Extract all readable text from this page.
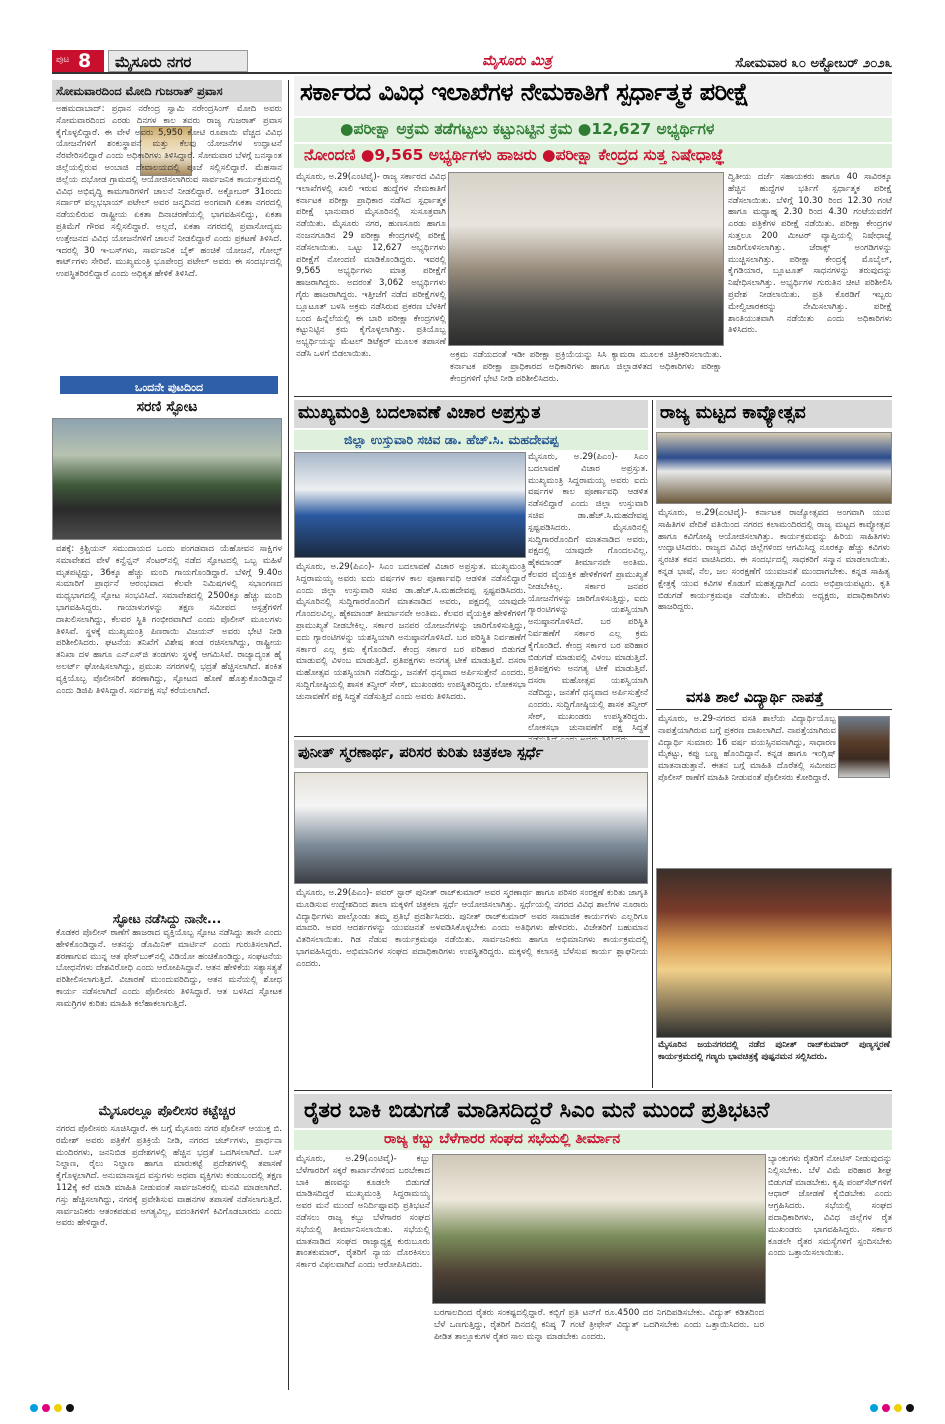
ಪುಟ 8 ಮೈಸೂರು ನಗರ	ಮೈಸೂರು ಮಿತ್ರ	ಸೋಮವಾರ ೩೦ ಅಕ್ಟೋಬರ್ ೨೦೨೩
ಸೋಮವಾರದಿಂದ ಮೋದಿ ಗುಜರಾತ್ ಪ್ರವಾಸ
ಅಹಮದಾಬಾದ್: ಪ್ರಧಾನ ನರೇಂದ್ರ ಸ್ವಾಮಿ ನರೇಂದ್ರಸಿಂಗ್ ಮೋದಿ ಅವರು ಸೋಮವಾರದಿಂದ ಎರಡು ದಿನಗಳ ಕಾಲ ತವರು ರಾಜ್ಯ ಗುಜರಾತ್ ಪ್ರವಾಸ ಕೈಗೊಳ್ಳಲಿದ್ದಾರೆ. ಈ ವೇಳೆ ಅವರು 5,950 ಕೋಟಿ ರೂಪಾಯಿ ವೆಚ್ಚದ ವಿವಿಧ ಯೋಜನೆಗಳಿಗೆ ಶಂಕುಸ್ಥಾಪನೆ ಮತ್ತು ಕೆಲವು ಯೋಜನೆಗಳ ಉದ್ಘಾಟನೆ ನೆರವೇರಿಸಲಿದ್ದಾರೆ ಎಂದು ಅಧಿಕಾರಿಗಳು ತಿಳಿಸಿದ್ದಾರೆ. ಸೋಮವಾರ ಬೆಳಗ್ಗೆ ಬನಸ್ಕಾಂತ ಜಿಲ್ಲೆಯಲ್ಲಿರುವ ಅಂಬಾಜಿ ದೇವಾಲಯದಲ್ಲಿ ಪೂಜೆ ಸಲ್ಲಿಸಲಿದ್ದಾರೆ. ಮೆಹಸಾನ ಜಿಲ್ಲೆಯ ದಭೋಡ ಗ್ರಾಮದಲ್ಲಿ ಆಯೋಜಿಸಲಾಗಿರುವ ಸಾರ್ವಜನಿಕ ಕಾರ್ಯಕ್ರಮದಲ್ಲಿ ವಿವಿಧ ಅಭಿವೃದ್ಧಿ ಕಾಮಗಾರಿಗಳಿಗೆ ಚಾಲನೆ ನೀಡಲಿದ್ದಾರೆ. ಅಕ್ಟೋಬರ್ 31ರಂದು ಸರ್ದಾರ್ ವಲ್ಲಭಭಾಯ್ ಪಟೇಲ್ ಅವರ ಜನ್ಮದಿನದ ಅಂಗವಾಗಿ ಏಕತಾ ನಗರದಲ್ಲಿ ನಡೆಯಲಿರುವ ರಾಷ್ಟ್ರೀಯ ಏಕತಾ ದಿನಾಚರಣೆಯಲ್ಲಿ ಭಾಗವಹಿಸಲಿದ್ದು, ಏಕತಾ ಪ್ರತಿಮೆಗೆ ಗೌರವ ಸಲ್ಲಿಸಲಿದ್ದಾರೆ. ಅಲ್ಲದೆ, ಏಕತಾ ನಗರದಲ್ಲಿ ಪ್ರವಾಸೋದ್ಯಮ ಉತ್ತೇಜನದ ವಿವಿಧ ಯೋಜನೆಗಳಿಗೆ ಚಾಲನೆ ನೀಡಲಿದ್ದಾರೆ ಎಂದು ಪ್ರಕಟಣೆ ತಿಳಿಸಿದೆ. ಇದರಲ್ಲಿ 30 ಇ-ಬಸ್‌ಗಳು, ಸಾರ್ವಜನಿಕ ಬೈಕ್ ಹಂಚಿಕೆ ಯೋಜನೆ, ಗೋಲ್ಫ್ ಕಾರ್ಟ್‌ಗಳು ಸೇರಿವೆ. ಮುಖ್ಯಮಂತ್ರಿ ಭೂಪೇಂದ್ರ ಪಟೇಲ್ ಅವರು ಈ ಸಂದರ್ಭದಲ್ಲಿ ಉಪಸ್ಥಿತರಿರಲಿದ್ದಾರೆ ಎಂದು ಅಧಿಕೃತ ಹೇಳಿಕೆ ತಿಳಿಸಿದೆ.
ಒಂದನೇ ಪುಟದಿಂದ
ಸರಣಿ ಸ್ಫೋಟ
ವಶಕ್ಕೆ: ಕ್ರಿಶ್ಚಿಯನ್ ಸಮುದಾಯದ ಒಂದು ಪಂಗಡವಾದ ಯೆಹೋವನ ಸಾಕ್ಷಿಗಳ ಸಮಾವೇಶದ ವೇಳೆ ಕನ್ವೆನ್ಷನ್ ಸೆಂಟರ್‌ನಲ್ಲಿ ನಡೆದ ಸ್ಫೋಟದಲ್ಲಿ ಒಬ್ಬ ಮಹಿಳೆ ಮೃತಪಟ್ಟಿದ್ದು, 36ಕ್ಕೂ ಹೆಚ್ಚು ಮಂದಿ ಗಾಯಗೊಂಡಿದ್ದಾರೆ. ಬೆಳಿಗ್ಗೆ 9.40ರ ಸುಮಾರಿಗೆ ಪ್ರಾರ್ಥನೆ ಆರಂಭವಾದ ಕೆಲವೇ ನಿಮಿಷಗಳಲ್ಲಿ ಸಭಾಂಗಣದ ಮಧ್ಯಭಾಗದಲ್ಲಿ ಸ್ಫೋಟ ಸಂಭವಿಸಿದೆ. ಸಮಾವೇಶದಲ್ಲಿ 2500ಕ್ಕೂ ಹೆಚ್ಚು ಮಂದಿ ಭಾಗವಹಿಸಿದ್ದರು. ಗಾಯಾಳುಗಳನ್ನು ತಕ್ಷಣ ಸಮೀಪದ ಆಸ್ಪತ್ರೆಗಳಿಗೆ ದಾಖಲಿಸಲಾಗಿದ್ದು, ಕೆಲವರ ಸ್ಥಿತಿ ಗಂಭೀರವಾಗಿದೆ ಎಂದು ಪೊಲೀಸ್ ಮೂಲಗಳು ತಿಳಿಸಿವೆ. ಸ್ಥಳಕ್ಕೆ ಮುಖ್ಯಮಂತ್ರಿ ಪಿಣರಾಯಿ ವಿಜಯನ್ ಅವರು ಭೇಟಿ ನೀಡಿ ಪರಿಶೀಲಿಸಿದರು. ಘಟನೆಯ ತನಿಖೆಗೆ ವಿಶೇಷ ತಂಡ ರಚಿಸಲಾಗಿದ್ದು, ರಾಷ್ಟ್ರೀಯ ತನಿಖಾ ದಳ ಹಾಗೂ ಎನ್‌ಎಸ್‌ಜಿ ತಂಡಗಳು ಸ್ಥಳಕ್ಕೆ ಆಗಮಿಸಿವೆ. ರಾಜ್ಯಾದ್ಯಂತ ಹೈ ಅಲರ್ಟ್ ಘೋಷಿಸಲಾಗಿದ್ದು, ಪ್ರಮುಖ ನಗರಗಳಲ್ಲಿ ಭದ್ರತೆ ಹೆಚ್ಚಿಸಲಾಗಿದೆ. ಶಂಕಿತ ವ್ಯಕ್ತಿಯೊಬ್ಬ ಪೊಲೀಸರಿಗೆ ಶರಣಾಗಿದ್ದು, ಸ್ಫೋಟದ ಹೊಣೆ ಹೊತ್ತುಕೊಂಡಿದ್ದಾನೆ ಎಂದು ಡಿಜಿಪಿ ತಿಳಿಸಿದ್ದಾರೆ. ಸರ್ವಪಕ್ಷ ಸಭೆ ಕರೆಯಲಾಗಿದೆ.
ಸ್ಫೋಟ ನಡೆಸಿದ್ದು ನಾನೇ...
ಕೊಡಕರ ಪೊಲೀಸ್ ಠಾಣೆಗೆ ಹಾಜರಾದ ವ್ಯಕ್ತಿಯೊಬ್ಬ ಸ್ಫೋಟ ನಡೆಸಿದ್ದು ತಾನೇ ಎಂದು ಹೇಳಿಕೊಂಡಿದ್ದಾನೆ. ಆತನನ್ನು ಡೊಮಿನಿಕ್ ಮಾರ್ಟಿನ್ ಎಂದು ಗುರುತಿಸಲಾಗಿದೆ. ಶರಣಾಗುವ ಮುನ್ನ ಆತ ಫೇಸ್‌ಬುಕ್‌ನಲ್ಲಿ ವಿಡಿಯೋ ಹಂಚಿಕೊಂಡಿದ್ದು, ಸಂಘಟನೆಯ ಬೋಧನೆಗಳು ದೇಶವಿರೋಧಿ ಎಂದು ಆರೋಪಿಸಿದ್ದಾನೆ. ಆತನ ಹೇಳಿಕೆಯ ಸತ್ಯಾಸತ್ಯತೆ ಪರಿಶೀಲಿಸಲಾಗುತ್ತಿದೆ. ವಿಚಾರಣೆ ಮುಂದುವರಿದಿದ್ದು, ಆತನ ಮನೆಯಲ್ಲಿ ಶೋಧ ಕಾರ್ಯ ನಡೆಸಲಾಗಿದೆ ಎಂದು ಪೊಲೀಸರು ತಿಳಿಸಿದ್ದಾರೆ. ಆತ ಬಳಸಿದ ಸ್ಫೋಟಕ ಸಾಮಗ್ರಿಗಳ ಕುರಿತು ಮಾಹಿತಿ ಕಲೆಹಾಕಲಾಗುತ್ತಿದೆ.
ಮೈಸೂರಲ್ಲೂ ಪೊಲೀಸರ ಕಟ್ಟೆಚ್ಚರ
ನಗರದ ಪೊಲೀಸರು ಸೂಚಿಸಿದ್ದಾರೆ. ಈ ಬಗ್ಗೆ ಮೈಸೂರು ನಗರ ಪೊಲೀಸ್ ಆಯುಕ್ತ ಬಿ. ರಮೇಶ್ ಅವರು ಪತ್ರಿಕೆಗೆ ಪ್ರತಿಕ್ರಿಯೆ ನೀಡಿ, ನಗರದ ಚರ್ಚ್‌ಗಳು, ಪ್ರಾರ್ಥನಾ ಮಂದಿರಗಳು, ಜನನಿಬಿಡ ಪ್ರದೇಶಗಳಲ್ಲಿ ಹೆಚ್ಚಿನ ಭದ್ರತೆ ಒದಗಿಸಲಾಗಿದೆ. ಬಸ್ ನಿಲ್ದಾಣ, ರೈಲು ನಿಲ್ದಾಣ ಹಾಗೂ ಮಾರುಕಟ್ಟೆ ಪ್ರದೇಶಗಳಲ್ಲಿ ತಪಾಸಣೆ ಕೈಗೊಳ್ಳಲಾಗಿದೆ. ಅನುಮಾನಾಸ್ಪದ ವಸ್ತುಗಳು ಅಥವಾ ವ್ಯಕ್ತಿಗಳು ಕಂಡುಬಂದಲ್ಲಿ ತಕ್ಷಣ 112ಕ್ಕೆ ಕರೆ ಮಾಡಿ ಮಾಹಿತಿ ನೀಡುವಂತೆ ಸಾರ್ವಜನಿಕರಲ್ಲಿ ಮನವಿ ಮಾಡಲಾಗಿದೆ. ಗಸ್ತು ಹೆಚ್ಚಿಸಲಾಗಿದ್ದು, ನಗರಕ್ಕೆ ಪ್ರವೇಶಿಸುವ ವಾಹನಗಳ ತಪಾಸಣೆ ನಡೆಸಲಾಗುತ್ತಿದೆ. ಸಾರ್ವಜನಿಕರು ಆತಂಕಪಡುವ ಅಗತ್ಯವಿಲ್ಲ, ವದಂತಿಗಳಿಗೆ ಕಿವಿಗೊಡಬಾರದು ಎಂದು ಅವರು ಹೇಳಿದ್ದಾರೆ.
ಸರ್ಕಾರದ ವಿವಿಧ ಇಲಾಖೆಗಳ ನೇಮಕಾತಿಗೆ ಸ್ಪರ್ಧಾತ್ಮಕ ಪರೀಕ್ಷೆ
●ಪರೀಕ್ಷಾ ಅಕ್ರಮ ತಡೆಗಟ್ಟಲು ಕಟ್ಟುನಿಟ್ಟಿನ ಕ್ರಮ ●12,627 ಅಭ್ಯರ್ಥಿಗಳ
ನೋಂದಣಿ ●9,565 ಅಭ್ಯರ್ಥಿಗಳು ಹಾಜರು ●ಪರೀಕ್ಷಾ ಕೇಂದ್ರದ ಸುತ್ತ ನಿಷೇಧಾಜ್ಞೆ
ಮೈಸೂರು, ಅ.29(ಎಂಟಿವೈ)- ರಾಜ್ಯ ಸರ್ಕಾರದ ವಿವಿಧ ಇಲಾಖೆಗಳಲ್ಲಿ ಖಾಲಿ ಇರುವ ಹುದ್ದೆಗಳ ನೇಮಕಾತಿಗೆ ಕರ್ನಾಟಕ ಪರೀಕ್ಷಾ ಪ್ರಾಧಿಕಾರ ನಡೆಸಿದ ಸ್ಪರ್ಧಾತ್ಮಕ ಪರೀಕ್ಷೆ ಭಾನುವಾರ ಮೈಸೂರಿನಲ್ಲಿ ಸುಸೂತ್ರವಾಗಿ ನಡೆಯಿತು. ಮೈಸೂರು ನಗರ, ಹುಣಸೂರು ಹಾಗೂ ನಂಜನಗೂಡಿನ 29 ಪರೀಕ್ಷಾ ಕೇಂದ್ರಗಳಲ್ಲಿ ಪರೀಕ್ಷೆ ನಡೆಸಲಾಯಿತು. ಒಟ್ಟು 12,627 ಅಭ್ಯರ್ಥಿಗಳು ಪರೀಕ್ಷೆಗೆ ನೋಂದಣಿ ಮಾಡಿಕೊಂಡಿದ್ದರು. ಇವರಲ್ಲಿ 9,565 ಅಭ್ಯರ್ಥಿಗಳು ಮಾತ್ರ ಪರೀಕ್ಷೆಗೆ ಹಾಜರಾಗಿದ್ದರು. ಅದರಂತೆ 3,062 ಅಭ್ಯರ್ಥಿಗಳು ಗೈರು ಹಾಜರಾಗಿದ್ದರು. ಇತ್ತೀಚೆಗೆ ನಡೆದ ಪರೀಕ್ಷೆಗಳಲ್ಲಿ ಬ್ಲೂಟೂತ್ ಬಳಸಿ ಅಕ್ರಮ ನಡೆಸಿರುವ ಪ್ರಕರಣ ಬೆಳಕಿಗೆ ಬಂದ ಹಿನ್ನೆಲೆಯಲ್ಲಿ ಈ ಬಾರಿ ಪರೀಕ್ಷಾ ಕೇಂದ್ರಗಳಲ್ಲಿ ಕಟ್ಟುನಿಟ್ಟಿನ ಕ್ರಮ ಕೈಗೊಳ್ಳಲಾಗಿತ್ತು. ಪ್ರತಿಯೊಬ್ಬ ಅಭ್ಯರ್ಥಿಯನ್ನು ಮೆಟಲ್ ಡಿಟೆಕ್ಟರ್ ಮೂಲಕ ತಪಾಸಣೆ ನಡೆಸಿ ಒಳಗೆ ಬಿಡಲಾಯಿತು.	ಅಕ್ರಮ ನಡೆಯದಂತೆ ಇಡೀ ಪರೀಕ್ಷಾ ಪ್ರಕ್ರಿಯೆಯನ್ನು ಸಿಸಿ ಕ್ಯಾಮರಾ ಮೂಲಕ ಚಿತ್ರೀಕರಿಸಲಾಯಿತು. ಕರ್ನಾಟಕ ಪರೀಕ್ಷಾ ಪ್ರಾಧಿಕಾರದ ಅಧಿಕಾರಿಗಳು ಹಾಗೂ ಜಿಲ್ಲಾಡಳಿತದ ಅಧಿಕಾರಿಗಳು ಪರೀಕ್ಷಾ ಕೇಂದ್ರಗಳಿಗೆ ಭೇಟಿ ನೀಡಿ ಪರಿಶೀಲಿಸಿದರು.
ದ್ವಿತೀಯ ದರ್ಜೆ ಸಹಾಯಕರು ಹಾಗೂ 40 ಸಾವಿರಕ್ಕೂ ಹೆಚ್ಚಿನ ಹುದ್ದೆಗಳ ಭರ್ತಿಗೆ ಸ್ಪರ್ಧಾತ್ಮಕ ಪರೀಕ್ಷೆ ನಡೆಸಲಾಯಿತು. ಬೆಳಿಗ್ಗೆ 10.30 ರಿಂದ 12.30 ಗಂಟೆ ಹಾಗೂ ಮಧ್ಯಾಹ್ನ 2.30 ರಿಂದ 4.30 ಗಂಟೆಯವರೆಗೆ ಎರಡು ಪತ್ರಿಕೆಗಳ ಪರೀಕ್ಷೆ ನಡೆಯಿತು. ಪರೀಕ್ಷಾ ಕೇಂದ್ರಗಳ ಸುತ್ತಲೂ 200 ಮೀಟರ್ ವ್ಯಾಪ್ತಿಯಲ್ಲಿ ನಿಷೇಧಾಜ್ಞೆ ಜಾರಿಗೊಳಿಸಲಾಗಿತ್ತು. ಜೆರಾಕ್ಸ್ ಅಂಗಡಿಗಳನ್ನು ಮುಚ್ಚಿಸಲಾಗಿತ್ತು. ಪರೀಕ್ಷಾ ಕೇಂದ್ರಕ್ಕೆ ಮೊಬೈಲ್, ಕೈಗಡಿಯಾರ, ಬ್ಲೂಟೂತ್ ಸಾಧನಗಳನ್ನು ತರುವುದನ್ನು ನಿಷೇಧಿಸಲಾಗಿತ್ತು. ಅಭ್ಯರ್ಥಿಗಳ ಗುರುತಿನ ಚೀಟಿ ಪರಿಶೀಲಿಸಿ ಪ್ರವೇಶ ನೀಡಲಾಯಿತು. ಪ್ರತಿ ಕೊಠಡಿಗೆ ಇಬ್ಬರು ಮೇಲ್ವಿಚಾರಕರನ್ನು ನೇಮಿಸಲಾಗಿತ್ತು. ಪರೀಕ್ಷೆ ಶಾಂತಿಯುತವಾಗಿ ನಡೆಯಿತು ಎಂದು ಅಧಿಕಾರಿಗಳು ತಿಳಿಸಿದರು.
ಮುಖ್ಯಮಂತ್ರಿ ಬದಲಾವಣೆ ವಿಚಾರ ಅಪ್ರಸ್ತುತ
ಜಿಲ್ಲಾ ಉಸ್ತುವಾರಿ ಸಚಿವ ಡಾ. ಹೆಚ್.ಸಿ. ಮಹದೇವಪ್ಪ
ಮೈಸೂರು, ಅ.29(ಪಿಎಂ)- ಸಿಎಂ ಬದಲಾವಣೆ ವಿಚಾರ ಅಪ್ರಸ್ತುತ. ಮುಖ್ಯಮಂತ್ರಿ ಸಿದ್ದರಾಮಯ್ಯ ಅವರು ಐದು ವರ್ಷಗಳ ಕಾಲ ಪೂರ್ಣಾವಧಿ ಆಡಳಿತ ನಡೆಸಲಿದ್ದಾರೆ ಎಂದು ಜಿಲ್ಲಾ ಉಸ್ತುವಾರಿ ಸಚಿವ ಡಾ.ಹೆಚ್.ಸಿ.ಮಹದೇವಪ್ಪ ಸ್ಪಷ್ಟಪಡಿಸಿದರು. ಮೈಸೂರಿನಲ್ಲಿ ಸುದ್ದಿಗಾರರೊಂದಿಗೆ ಮಾತನಾಡಿದ ಅವರು, ಪಕ್ಷದಲ್ಲಿ ಯಾವುದೇ ಗೊಂದಲವಿಲ್ಲ. ಹೈಕಮಾಂಡ್ ತೀರ್ಮಾನವೇ ಅಂತಿಮ. ಕೆಲವರ ವೈಯಕ್ತಿಕ ಹೇಳಿಕೆಗಳಿಗೆ ಪ್ರಾಮುಖ್ಯತೆ ನೀಡಬೇಕಿಲ್ಲ. ಸರ್ಕಾರ ಜನಪರ ಯೋಜನೆಗಳನ್ನು ಜಾರಿಗೊಳಿಸುತ್ತಿದ್ದು, ಐದು ಗ್ಯಾರಂಟಿಗಳನ್ನು ಯಶಸ್ವಿಯಾಗಿ ಅನುಷ್ಠಾನಗೊಳಿಸಿದೆ. ಬರ ಪರಿಸ್ಥಿತಿ ನಿರ್ವಹಣೆಗೆ ಸರ್ಕಾರ ಎಲ್ಲ ಕ್ರಮ ಕೈಗೊಂಡಿದೆ. ಕೇಂದ್ರ ಸರ್ಕಾರ ಬರ ಪರಿಹಾರ ಬಿಡುಗಡೆ ಮಾಡುವಲ್ಲಿ ವಿಳಂಬ ಮಾಡುತ್ತಿದೆ. ಪ್ರತಿಪಕ್ಷಗಳು ಅನಗತ್ಯ ಟೀಕೆ ಮಾಡುತ್ತಿವೆ. ದಸರಾ ಮಹೋತ್ಸವ ಯಶಸ್ವಿಯಾಗಿ ನಡೆದಿದ್ದು, ಜನತೆಗೆ ಧನ್ಯವಾದ ಅರ್ಪಿಸುತ್ತೇನೆ ಎಂದರು. ಸುದ್ದಿಗೋಷ್ಠಿಯಲ್ಲಿ ಶಾಸಕ ತನ್ವೀರ್ ಸೇಠ್, ಮುಖಂಡರು ಉಪಸ್ಥಿತರಿದ್ದರು. ಲೋಕಸಭಾ ಚುನಾವಣೆಗೆ ಪಕ್ಷ ಸಿದ್ಧತೆ
ಮೈಸೂರು, ಅ.29(ಪಿಎಂ)- ಸಿಎಂ ಬದಲಾವಣೆ ವಿಚಾರ ಅಪ್ರಸ್ತುತ. ಮುಖ್ಯಮಂತ್ರಿ ಸಿದ್ದರಾಮಯ್ಯ ಅವರು ಐದು ವರ್ಷಗಳ ಕಾಲ ಪೂರ್ಣಾವಧಿ ಆಡಳಿತ ನಡೆಸಲಿದ್ದಾರೆ ಎಂದು ಜಿಲ್ಲಾ ಉಸ್ತುವಾರಿ ಸಚಿವ ಡಾ.ಹೆಚ್.ಸಿ.ಮಹದೇವಪ್ಪ ಸ್ಪಷ್ಟಪಡಿಸಿದರು. ಮೈಸೂರಿನಲ್ಲಿ ಸುದ್ದಿಗಾರರೊಂದಿಗೆ ಮಾತನಾಡಿದ ಅವರು, ಪಕ್ಷದಲ್ಲಿ ಯಾವುದೇ ಗೊಂದಲವಿಲ್ಲ. ಹೈಕಮಾಂಡ್ ತೀರ್ಮಾನವೇ ಅಂತಿಮ. ಕೆಲವರ ವೈಯಕ್ತಿಕ ಹೇಳಿಕೆಗಳಿಗೆ ಪ್ರಾಮುಖ್ಯತೆ ನೀಡಬೇಕಿಲ್ಲ. ಸರ್ಕಾರ ಜನಪರ ಯೋಜನೆಗಳನ್ನು ಜಾರಿಗೊಳಿಸುತ್ತಿದ್ದು, ಐದು ಗ್ಯಾರಂಟಿಗಳನ್ನು ಯಶಸ್ವಿಯಾಗಿ ಅನುಷ್ಠಾನಗೊಳಿಸಿದೆ. ಬರ ಪರಿಸ್ಥಿತಿ ನಿರ್ವಹಣೆಗೆ ಸರ್ಕಾರ ಎಲ್ಲ ಕ್ರಮ ಕೈಗೊಂಡಿದೆ. ಕೇಂದ್ರ ಸರ್ಕಾರ ಬರ ಪರಿಹಾರ ಬಿಡುಗಡೆ ಮಾಡುವಲ್ಲಿ ವಿಳಂಬ ಮಾಡುತ್ತಿದೆ. ಪ್ರತಿಪಕ್ಷಗಳು ಅನಗತ್ಯ ಟೀಕೆ ಮಾಡುತ್ತಿವೆ. ದಸರಾ ಮಹೋತ್ಸವ ಯಶಸ್ವಿಯಾಗಿ ನಡೆದಿದ್ದು, ಜನತೆಗೆ ಧನ್ಯವಾದ ಅರ್ಪಿಸುತ್ತೇನೆ ಎಂದರು. ಸುದ್ದಿಗೋಷ್ಠಿಯಲ್ಲಿ ಶಾಸಕ ತನ್ವೀರ್ ಸೇಠ್, ಮುಖಂಡರು ಉಪಸ್ಥಿತರಿದ್ದರು. ಲೋಕಸಭಾ ಚುನಾವಣೆಗೆ ಪಕ್ಷ ಸಿದ್ಧತೆ ನಡೆಸುತ್ತಿದೆ ಎಂದು ಅವರು ತಿಳಿಸಿದರು.
ರಾಜ್ಯ ಮಟ್ಟದ ಕಾವ್ಯೋತ್ಸವ
ಮೈಸೂರು, ಅ.29(ಎಂಟಿವೈ)- ಕರ್ನಾಟಕ ರಾಜ್ಯೋತ್ಸವದ ಅಂಗವಾಗಿ ಯುವ ಸಾಹಿತಿಗಳ ವೇದಿಕೆ ವತಿಯಿಂದ ನಗರದ ಕಲಾಮಂದಿರದಲ್ಲಿ ರಾಜ್ಯ ಮಟ್ಟದ ಕಾವ್ಯೋತ್ಸವ ಹಾಗೂ ಕವಿಗೋಷ್ಠಿ ಆಯೋಜಿಸಲಾಗಿತ್ತು. ಕಾರ್ಯಕ್ರಮವನ್ನು ಹಿರಿಯ ಸಾಹಿತಿಗಳು ಉದ್ಘಾಟಿಸಿದರು. ರಾಜ್ಯದ ವಿವಿಧ ಜಿಲ್ಲೆಗಳಿಂದ ಆಗಮಿಸಿದ್ದ ನೂರಕ್ಕೂ ಹೆಚ್ಚು ಕವಿಗಳು ಸ್ವರಚಿತ ಕವನ ವಾಚಿಸಿದರು. ಈ ಸಂದರ್ಭದಲ್ಲಿ ಸಾಧಕರಿಗೆ ಸನ್ಮಾನ ಮಾಡಲಾಯಿತು. ಕನ್ನಡ ಭಾಷೆ, ನೆಲ, ಜಲ ಸಂರಕ್ಷಣೆಗೆ ಯುವಜನತೆ ಮುಂದಾಗಬೇಕು. ಕನ್ನಡ ಸಾಹಿತ್ಯ ಕ್ಷೇತ್ರಕ್ಕೆ ಯುವ ಕವಿಗಳ ಕೊಡುಗೆ ಮಹತ್ವದ್ದಾಗಿದೆ ಎಂದು ಅಭಿಪ್ರಾಯಪಟ್ಟರು. ಕೃತಿ ಬಿಡುಗಡೆ ಕಾರ್ಯಕ್ರಮವೂ ನಡೆಯಿತು. ವೇದಿಕೆಯ ಅಧ್ಯಕ್ಷರು, ಪದಾಧಿಕಾರಿಗಳು ಹಾಜರಿದ್ದರು.
ವಸತಿ ಶಾಲೆ ವಿದ್ಯಾರ್ಥಿ ನಾಪತ್ತೆ
ಮೈಸೂರು, ಅ.29-ನಗರದ ವಸತಿ ಶಾಲೆಯ ವಿದ್ಯಾರ್ಥಿಯೊಬ್ಬ ನಾಪತ್ತೆಯಾಗಿರುವ ಬಗ್ಗೆ ಪ್ರಕರಣ ದಾಖಲಾಗಿದೆ. ನಾಪತ್ತೆಯಾಗಿರುವ ವಿದ್ಯಾರ್ಥಿ ಸುಮಾರು 16 ವರ್ಷ ವಯಸ್ಸಿನವನಾಗಿದ್ದು, ಸಾಧಾರಣ ಮೈಕಟ್ಟು, ಕಪ್ಪು ಬಣ್ಣ ಹೊಂದಿದ್ದಾನೆ. ಕನ್ನಡ ಹಾಗೂ ಇಂಗ್ಲಿಷ್ ಮಾತನಾಡುತ್ತಾನೆ. ಈತನ ಬಗ್ಗೆ ಮಾಹಿತಿ ದೊರೆತಲ್ಲಿ ಸಮೀಪದ ಪೊಲೀಸ್ ಠಾಣೆಗೆ ಮಾಹಿತಿ ನೀಡುವಂತೆ ಪೊಲೀಸರು ಕೋರಿದ್ದಾರೆ.
ಮೈಸೂರಿನ ಜಯನಗರದಲ್ಲಿ ನಡೆದ ಪುನೀತ್ ರಾಜ್‌ಕುಮಾರ್ ಪುಣ್ಯಸ್ಮರಣೆ ಕಾರ್ಯಕ್ರಮದಲ್ಲಿ ಗಣ್ಯರು ಭಾವಚಿತ್ರಕ್ಕೆ ಪುಷ್ಪನಮನ ಸಲ್ಲಿಸಿದರು.
ಪುನೀತ್ ಸ್ಮರಣಾರ್ಥ, ಪರಿಸರ ಕುರಿತು ಚಿತ್ರಕಲಾ ಸ್ಪರ್ಧೆ
ಮೈಸೂರು, ಅ.29(ಪಿಎಂ)- ಪವರ್ ಸ್ಟಾರ್ ಪುನೀತ್ ರಾಜ್‌ಕುಮಾರ್ ಅವರ ಸ್ಮರಣಾರ್ಥ ಹಾಗೂ ಪರಿಸರ ಸಂರಕ್ಷಣೆ ಕುರಿತು ಜಾಗೃತಿ ಮೂಡಿಸುವ ಉದ್ದೇಶದಿಂದ ಶಾಲಾ ಮಕ್ಕಳಿಗೆ ಚಿತ್ರಕಲಾ ಸ್ಪರ್ಧೆ ಆಯೋಜಿಸಲಾಗಿತ್ತು. ಸ್ಪರ್ಧೆಯಲ್ಲಿ ನಗರದ ವಿವಿಧ ಶಾಲೆಗಳ ನೂರಾರು ವಿದ್ಯಾರ್ಥಿಗಳು ಪಾಲ್ಗೊಂಡು ತಮ್ಮ ಪ್ರತಿಭೆ ಪ್ರದರ್ಶಿಸಿದರು. ಪುನೀತ್ ರಾಜ್‌ಕುಮಾರ್ ಅವರ ಸಾಮಾಜಿಕ ಕಾರ್ಯಗಳು ಎಲ್ಲರಿಗೂ ಮಾದರಿ. ಅವರ ಆದರ್ಶಗಳನ್ನು ಯುವಜನತೆ ಅಳವಡಿಸಿಕೊಳ್ಳಬೇಕು ಎಂದು ಅತಿಥಿಗಳು ಹೇಳಿದರು. ವಿಜೇತರಿಗೆ ಬಹುಮಾನ ವಿತರಿಸಲಾಯಿತು. ಗಿಡ ನೆಡುವ ಕಾರ್ಯಕ್ರಮವೂ ನಡೆಯಿತು. ಸಾರ್ವಜನಿಕರು ಹಾಗೂ ಅಭಿಮಾನಿಗಳು ಕಾರ್ಯಕ್ರಮದಲ್ಲಿ ಭಾಗವಹಿಸಿದ್ದರು. ಅಭಿಮಾನಿಗಳ ಸಂಘದ ಪದಾಧಿಕಾರಿಗಳು ಉಪಸ್ಥಿತರಿದ್ದರು. ಮಕ್ಕಳಲ್ಲಿ ಕಲಾಸಕ್ತಿ ಬೆಳೆಸುವ ಕಾರ್ಯ ಶ್ಲಾಘನೀಯ ಎಂದರು.
ರೈತರ ಬಾಕಿ ಬಿಡುಗಡೆ ಮಾಡಿಸದಿದ್ದರೆ ಸಿಎಂ ಮನೆ ಮುಂದೆ ಪ್ರತಿಭಟನೆ
ರಾಜ್ಯ ಕಬ್ಬು ಬೆಳೆಗಾರರ ಸಂಘದ ಸಭೆಯಲ್ಲಿ ತೀರ್ಮಾನ
ಮೈಸೂರು, ಅ.29(ಎಂಟಿವೈ)- ಕಬ್ಬು ಬೆಳೆಗಾರರಿಗೆ ಸಕ್ಕರೆ ಕಾರ್ಖಾನೆಗಳಿಂದ ಬರಬೇಕಾದ ಬಾಕಿ ಹಣವನ್ನು ಕೂಡಲೇ ಬಿಡುಗಡೆ ಮಾಡಿಸದಿದ್ದರೆ ಮುಖ್ಯಮಂತ್ರಿ ಸಿದ್ದರಾಮಯ್ಯ ಅವರ ಮನೆ ಮುಂದೆ ಅನಿರ್ದಿಷ್ಟಾವಧಿ ಪ್ರತಿಭಟನೆ ನಡೆಸಲು ರಾಜ್ಯ ಕಬ್ಬು ಬೆಳೆಗಾರರ ಸಂಘದ ಸಭೆಯಲ್ಲಿ ತೀರ್ಮಾನಿಸಲಾಯಿತು. ಸಭೆಯಲ್ಲಿ ಮಾತನಾಡಿದ ಸಂಘದ ರಾಜ್ಯಾಧ್ಯಕ್ಷ ಕುರುಬೂರು ಶಾಂತಕುಮಾರ್, ರೈತರಿಗೆ ನ್ಯಾಯ ದೊರಕಿಸಲು ಸರ್ಕಾರ ವಿಫಲವಾಗಿದೆ ಎಂದು ಆರೋಪಿಸಿದರು.
ಬರಗಾಲದಿಂದ ರೈತರು ಸಂಕಷ್ಟದಲ್ಲಿದ್ದಾರೆ. ಕಬ್ಬಿಗೆ ಪ್ರತಿ ಟನ್‌ಗೆ ರೂ.4500 ದರ ನಿಗದಿಪಡಿಸಬೇಕು. ವಿದ್ಯುತ್ ಕಡಿತದಿಂದ ಬೆಳೆ ಒಣಗುತ್ತಿದ್ದು, ರೈತರಿಗೆ ದಿನದಲ್ಲಿ ಕನಿಷ್ಠ 7 ಗಂಟೆ ತ್ರೀಫೇಸ್ ವಿದ್ಯುತ್ ಒದಗಿಸಬೇಕು ಎಂದು ಒತ್ತಾಯಿಸಿದರು. ಬರ ಪೀಡಿತ ತಾಲ್ಲೂಕುಗಳ ರೈತರ ಸಾಲ ಮನ್ನಾ ಮಾಡಬೇಕು ಎಂದರು.
ಬ್ಯಾಂಕುಗಳು ರೈತರಿಗೆ ನೋಟಿಸ್ ನೀಡುವುದನ್ನು ನಿಲ್ಲಿಸಬೇಕು. ಬೆಳೆ ವಿಮೆ ಪರಿಹಾರ ಶೀಘ್ರ ಬಿಡುಗಡೆ ಮಾಡಬೇಕು. ಕೃಷಿ ಪಂಪ್‌ಸೆಟ್‌ಗಳಿಗೆ ಆಧಾರ್ ಜೋಡಣೆ ಕೈಬಿಡಬೇಕು ಎಂದು ಆಗ್ರಹಿಸಿದರು. ಸಭೆಯಲ್ಲಿ ಸಂಘದ ಪದಾಧಿಕಾರಿಗಳು, ವಿವಿಧ ಜಿಲ್ಲೆಗಳ ರೈತ ಮುಖಂಡರು ಭಾಗವಹಿಸಿದ್ದರು. ಸರ್ಕಾರ ಕೂಡಲೇ ರೈತರ ಸಮಸ್ಯೆಗಳಿಗೆ ಸ್ಪಂದಿಸಬೇಕು ಎಂದು ಒತ್ತಾಯಿಸಲಾಯಿತು.
